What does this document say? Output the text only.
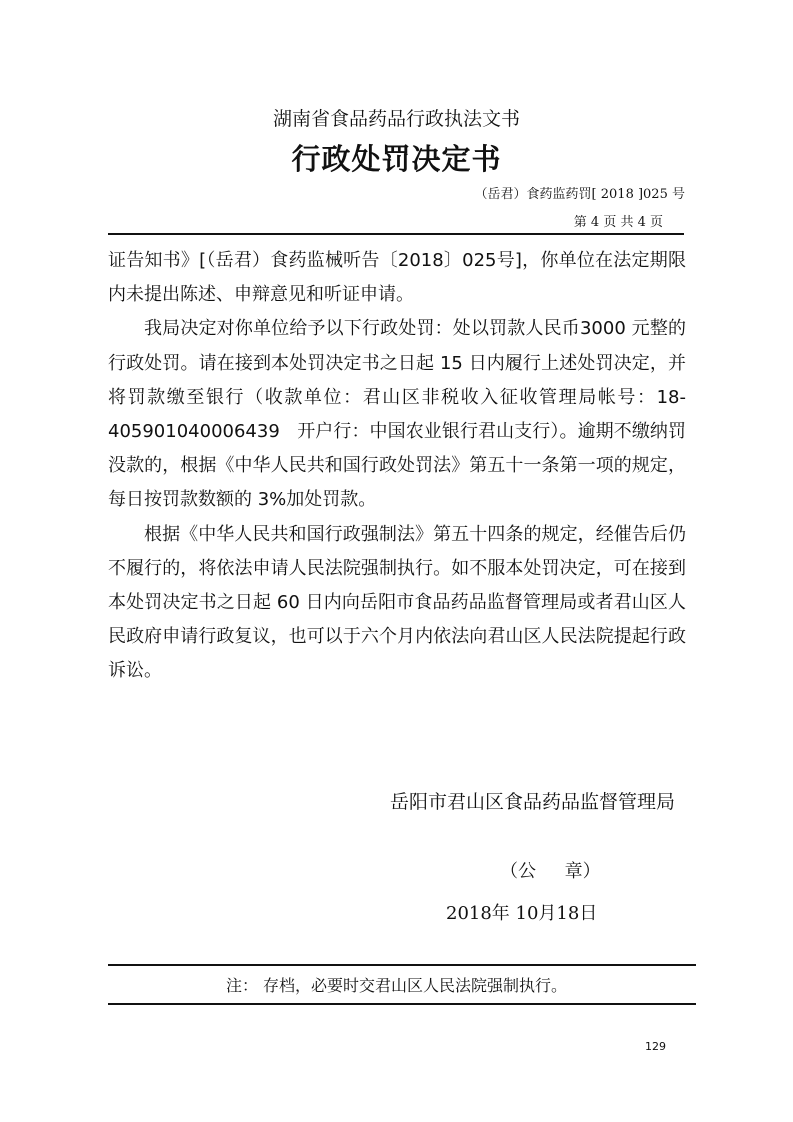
湖南省食品药品行政执法文书
行政处罚决定书
（岳君）食药监药罚[ 2018 ]025 号
第 4 页 共 4 页

证告知书》[（岳君）食药监械听告〔2018〕025号]，你单位在法定期限内未提出陈述、申辩意见和听证申请。

我局决定对你单位给予以下行政处罚：处以罚款人民币3000 元整的行政处罚。请在接到本处罚决定书之日起 15 日内履行上述处罚决定，并将罚款缴至银行（收款单位：君山区非税收入征收管理局帐号：18-405901040006439   开户行：中国农业银行君山支行）。逾期不缴纳罚没款的，根据《中华人民共和国行政处罚法》第五十一条第一项的规定，每日按罚款数额的 3%加处罚款。

根据《中华人民共和国行政强制法》第五十四条的规定，经催告后仍不履行的，将依法申请人民法院强制执行。如不服本处罚决定，可在接到本处罚决定书之日起 60 日内向岳阳市食品药品监督管理局或者君山区人民政府申请行政复议，也可以于六个月内依法向君山区人民法院提起行政诉讼。

岳阳市君山区食品药品监督管理局
（公     章）
2018年 10月18日
注： 存档，必要时交君山区人民法院强制执行。
129
